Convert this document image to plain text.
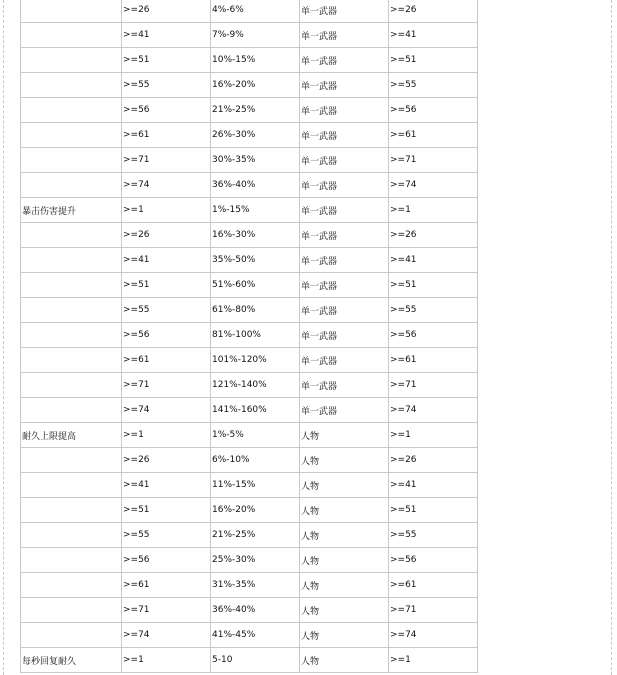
	>=26	4%-6%	单一武器	>=26
	>=41	7%-9%	单一武器	>=41
	>=51	10%-15%	单一武器	>=51
	>=55	16%-20%	单一武器	>=55
	>=56	21%-25%	单一武器	>=56
	>=61	26%-30%	单一武器	>=61
	>=71	30%-35%	单一武器	>=71
	>=74	36%-40%	单一武器	>=74
暴击伤害提升	>=1	1%-15%	单一武器	>=1
	>=26	16%-30%	单一武器	>=26
	>=41	35%-50%	单一武器	>=41
	>=51	51%-60%	单一武器	>=51
	>=55	61%-80%	单一武器	>=55
	>=56	81%-100%	单一武器	>=56
	>=61	101%-120%	单一武器	>=61
	>=71	121%-140%	单一武器	>=71
	>=74	141%-160%	单一武器	>=74
耐久上限提高	>=1	1%-5%	人物	>=1
	>=26	6%-10%	人物	>=26
	>=41	11%-15%	人物	>=41
	>=51	16%-20%	人物	>=51
	>=55	21%-25%	人物	>=55
	>=56	25%-30%	人物	>=56
	>=61	31%-35%	人物	>=61
	>=71	36%-40%	人物	>=71
	>=74	41%-45%	人物	>=74
每秒回复耐久	>=1	5-10	人物	>=1
